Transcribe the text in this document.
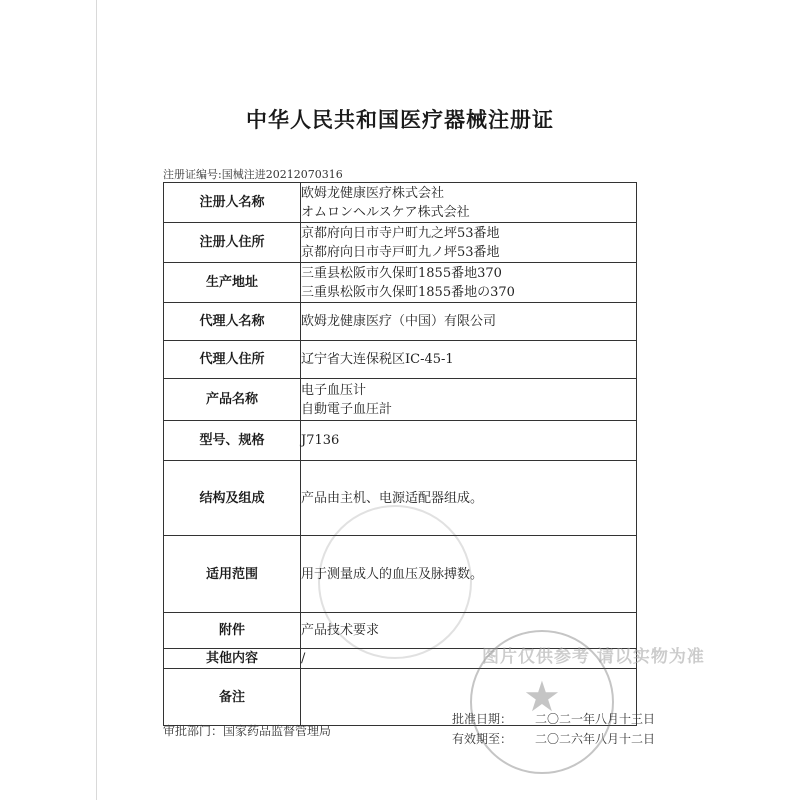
中华人民共和国医疗器械注册证
注册证编号:国械注进20212070316
注册人名称	欧姆龙健康医疗株式会社
オムロンヘルスケア株式会社

注册人住所	京都府向日市寺户町九之坪53番地
京都府向日市寺戸町九ノ坪53番地

生产地址	三重县松阪市久保町1855番地370
三重県松阪市久保町1855番地の370

代理人名称	欧姆龙健康医疗（中国）有限公司

代理人住所	辽宁省大连保税区IC-45-1

产品名称	电子血压计
自動電子血圧計

型号、规格	J7136

结构及组成	产品由主机、电源适配器组成。

适用范围	用于测量成人的血压及脉搏数。

附件	产品技术要求

其他内容	/

备注		★
图片仅供参考 请以实物为准
审批部门：国家药品监督管理局
批准日期： 二〇二一年八月十三日
有效期至： 二〇二六年八月十二日
